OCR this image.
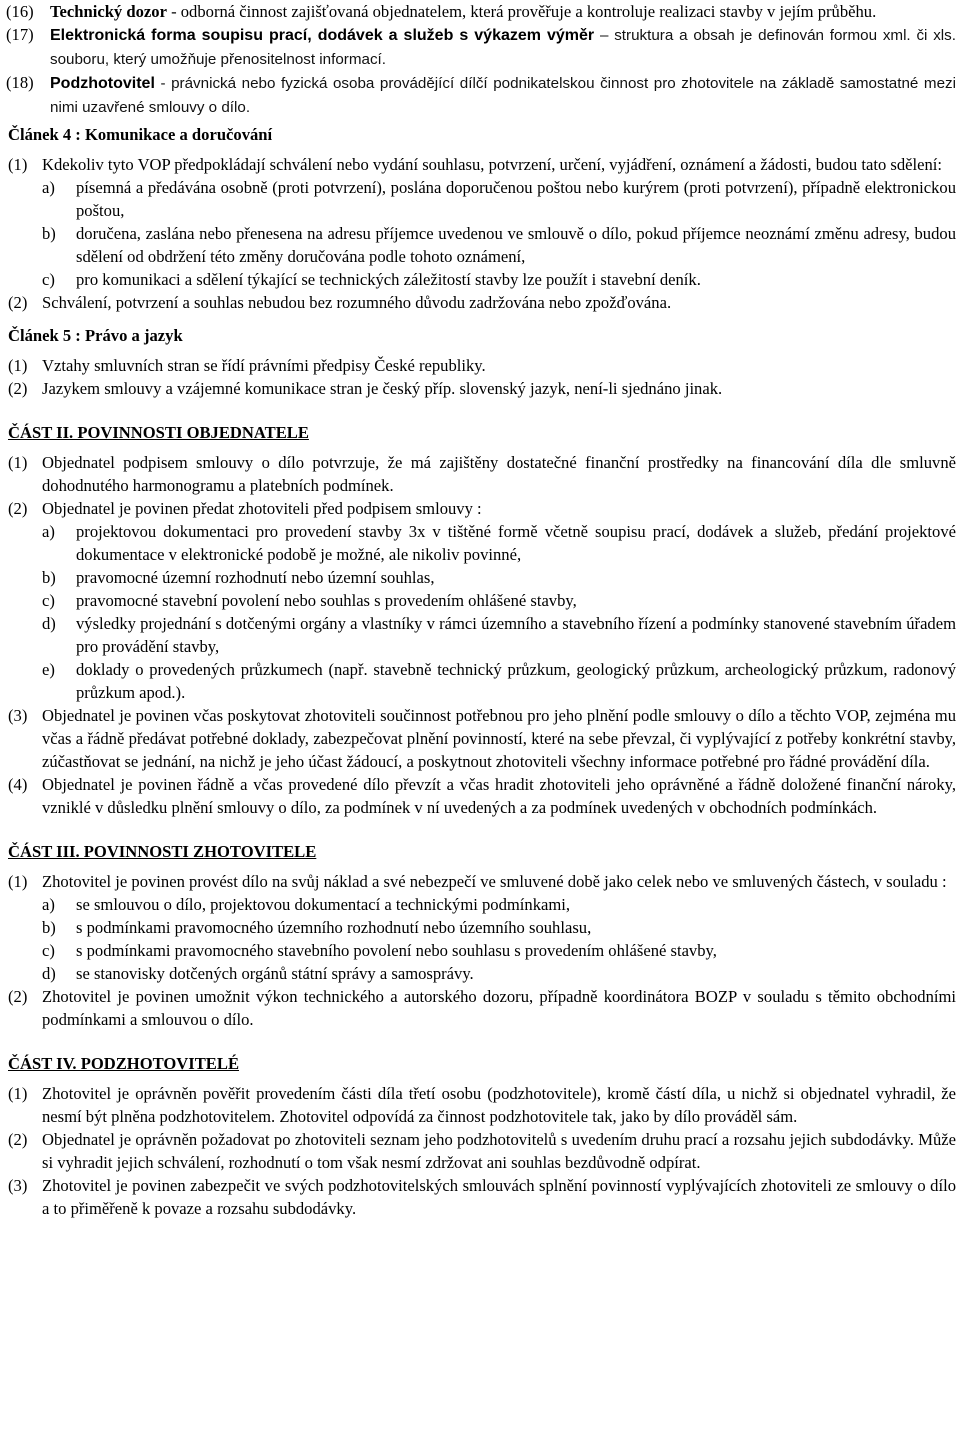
(16) Technický dozor - odborná činnost zajišťovaná objednatelem, která prověřuje a kontroluje realizaci stavby v jejím průběhu.
(17) Elektronická forma soupisu prací, dodávek a služeb s výkazem výměr – struktura a obsah je definován formou xml. či xls. souboru, který umožňuje přenositelnost informací.
(18) Podzhotovitel - právnická nebo fyzická osoba provádějící dílčí podnikatelskou činnost pro zhotovitele na základě samostatné mezi nimi uzavřené smlouvy o dílo.
Článek 4 : Komunikace a doručování
(1) Kdekoliv tyto VOP předpokládají schválení nebo vydání souhlasu, potvrzení, určení, vyjádření, oznámení a žádosti, budou tato sdělení:
a) písemná a předávána osobně (proti potvrzení), poslána doporučenou poštou nebo kurýrem (proti potvrzení), případně elektronickou poštou,
b) doručena, zaslána nebo přenesena na adresu příjemce uvedenou ve smlouvě o dílo, pokud příjemce neoznámí změnu adresy, budou sdělení od obdržení této změny doručována podle tohoto oznámení,
c) pro komunikaci a sdělení týkající se technických záležitostí stavby lze použít i stavební deník.
(2) Schválení, potvrzení a souhlas nebudou bez rozumného důvodu zadržována nebo zpožďována.
Článek 5 : Právo a jazyk
(1) Vztahy smluvních stran se řídí právními předpisy České republiky.
(2) Jazykem smlouvy a vzájemné komunikace stran je český příp. slovenský jazyk, není-li sjednáno jinak.
ČÁST II. POVINNOSTI OBJEDNATELE
(1) Objednatel podpisem smlouvy o dílo potvrzuje, že má zajištěny dostatečné finanční prostředky na financování díla dle smluvně dohodnutého harmonogramu a platebních podmínek.
(2) Objednatel je povinen předat zhotoviteli před podpisem smlouvy :
a) projektovou dokumentaci pro provedení stavby 3x v tištěné formě včetně soupisu prací, dodávek a služeb, předání projektové dokumentace v elektronické podobě je možné, ale nikoliv povinné,
b) pravomocné územní rozhodnutí nebo územní souhlas,
c) pravomocné stavební povolení nebo souhlas s provedením ohlášené stavby,
d) výsledky projednání s dotčenými orgány a vlastníky v rámci územního a stavebního řízení a podmínky stanovené stavebním úřadem pro provádění stavby,
e) doklady o provedených průzkumech (např. stavebně technický průzkum, geologický průzkum, archeologický průzkum, radonový průzkum apod.).
(3) Objednatel je povinen včas poskytovat zhotoviteli součinnost potřebnou pro jeho plnění podle smlouvy o dílo a těchto VOP, zejména mu včas a řádně předávat potřebné doklady, zabezpečovat plnění povinností, které na sebe převzal, či vyplývající z potřeby konkrétní stavby, zúčastňovat se jednání, na nichž je jeho účast žádoucí, a poskytnout zhotoviteli všechny informace potřebné pro řádné provádění díla.
(4) Objednatel je povinen řádně a včas provedené dílo převzít a včas hradit zhotoviteli jeho oprávněné a řádně doložené finanční nároky, vzniklé v důsledku plnění smlouvy o dílo, za podmínek v ní uvedených a za podmínek uvedených v obchodních podmínkách.
ČÁST III. POVINNOSTI ZHOTOVITELE
(1) Zhotovitel je povinen provést dílo na svůj náklad a své nebezpečí ve smluvené době jako celek nebo ve smluvených částech, v souladu :
a) se smlouvou o dílo, projektovou dokumentací a technickými podmínkami,
b) s podmínkami pravomocného územního rozhodnutí nebo územního souhlasu,
c) s podmínkami pravomocného stavebního povolení nebo souhlasu s provedením ohlášené stavby,
d) se stanovisky dotčených orgánů státní správy a samosprávy.
(2) Zhotovitel je povinen umožnit výkon technického a autorského dozoru, případně koordinátora BOZP v souladu s těmito obchodními podmínkami a smlouvou o dílo.
ČÁST IV. PODZHOTOVITELÉ
(1) Zhotovitel je oprávněn pověřit provedením části díla třetí osobu (podzhotovitele), kromě částí díla, u nichž si objednatel vyhradil, že nesmí být plněna podzhotovitelem. Zhotovitel odpovídá za činnost podzhotovitele tak, jako by dílo prováděl sám.
(2) Objednatel je oprávněn požadovat po zhotoviteli seznam jeho podzhotovitelů s uvedením druhu prací a rozsahu jejich subdodávky. Může si vyhradit jejich schválení, rozhodnutí o tom však nesmí zdržovat ani souhlas bezdůvodně odpírat.
(3) Zhotovitel je povinen zabezpečit ve svých podzhotovitelských smlouvách splnění povinností vyplývajících zhotoviteli ze smlouvy o dílo a to přiměřeně k povaze a rozsahu subdodávky.
